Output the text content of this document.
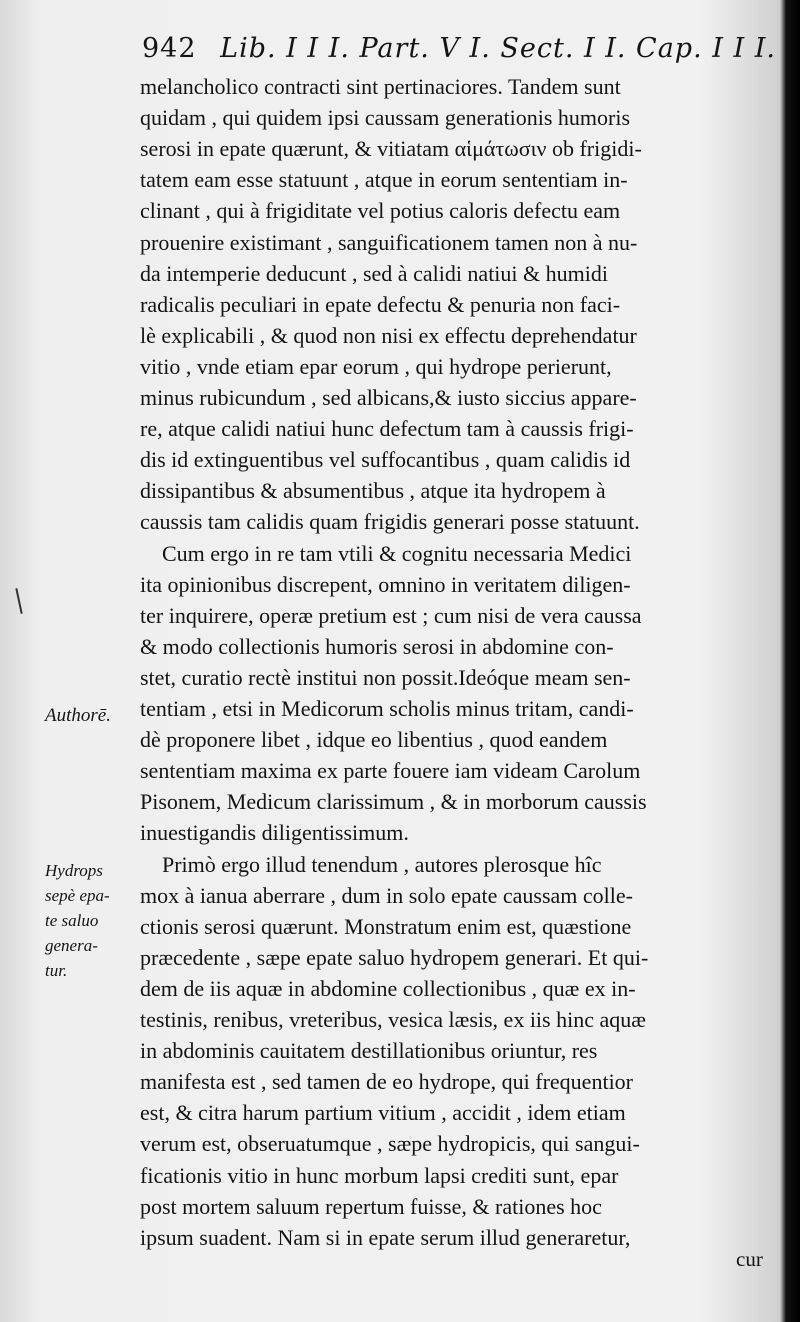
942 Lib. I I I. Part. V I. Sect. I I. Cap. I I I.
Authorē.
Hydrops
sepè epa-
te saluo
genera-
tur.
melancholico contracti sint pertinaciores. Tandem sunt
quidam , qui quidem ipsi caussam generationis humoris
serosi in epate quærunt, & vitiatam αἱμάτωσιν ob frigidi-
tatem eam esse statuunt , atque in eorum sententiam in-
clinant , qui à frigiditate vel potius caloris defectu eam
prouenire existimant , sanguificationem tamen non à nu-
da intemperie deducunt , sed à calidi natiui & humidi
radicalis peculiari in epate defectu & penuria non faci-
lè explicabili , & quod non nisi ex effectu deprehendatur
vitio , vnde etiam epar eorum , qui hydrope perierunt,
minus rubicundum , sed albicans,& iusto siccius appare-
re, atque calidi natiui hunc defectum tam à caussis frigi-
dis id extinguentibus vel suffocantibus , quam calidis id
dissipantibus & absumentibus , atque ita hydropem à
caussis tam calidis quam frigidis generari posse statuunt.
Cum ergo in re tam vtili & cognitu necessaria Medici
ita opinionibus discrepent, omnino in veritatem diligen-
ter inquirere, operæ pretium est ; cum nisi de vera caussa
& modo collectionis humoris serosi in abdomine con-
stet, curatio rectè institui non possit.Ideóque meam sen-
tentiam , etsi in Medicorum scholis minus tritam, candi-
dè proponere libet , idque eo libentius , quod eandem
sententiam maxima ex parte fouere iam videam Carolum
Pisonem, Medicum clarissimum , & in morborum caussis
inuestigandis diligentissimum.
Primò ergo illud tenendum , autores plerosque hîc
mox à ianua aberrare , dum in solo epate caussam colle-
ctionis serosi quærunt. Monstratum enim est, quæstione
præcedente , sæpe epate saluo hydropem generari. Et qui-
dem de iis aquæ in abdomine collectionibus , quæ ex in-
testinis, renibus, vreteribus, vesica læsis, ex iis hinc aquæ
in abdominis cauitatem destillationibus oriuntur, res
manifesta est , sed tamen de eo hydrope, qui frequentior
est, & citra harum partium vitium , accidit , idem etiam
verum est, obseruatumque , sæpe hydropicis, qui sangui-
ficationis vitio in hunc morbum lapsi crediti sunt, epar
post mortem saluum repertum fuisse, & rationes hoc
ipsum suadent. Nam si in epate serum illud generaretur,
cur
